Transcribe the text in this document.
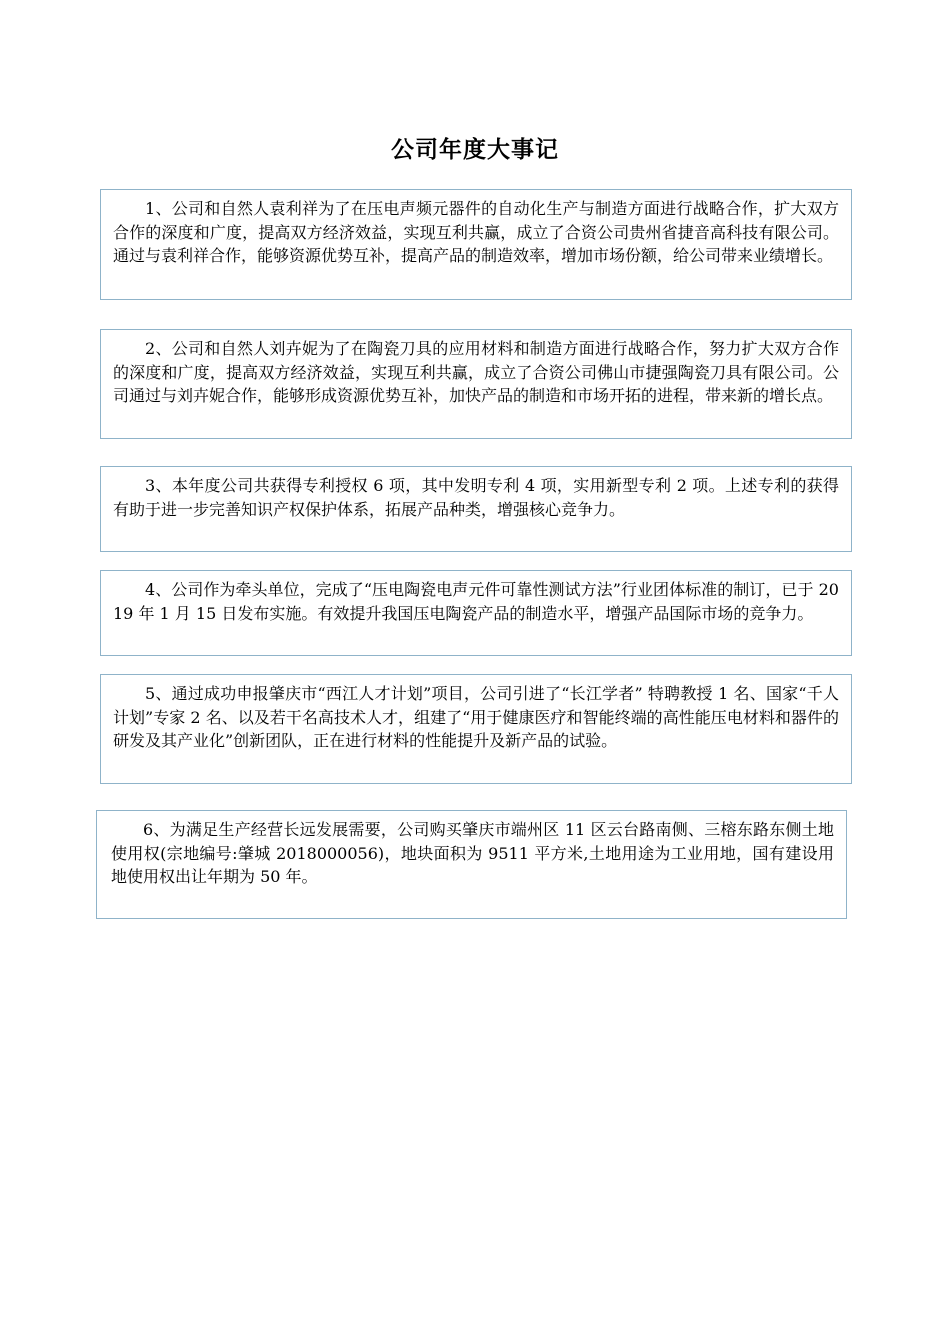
公司年度大事记

1、公司和自然人袁利祥为了在压电声频元器件的自动化生产与制造方面进行战略合作，扩大双方合作的深度和广度，提高双方经济效益，实现互利共赢，成立了合资公司贵州省捷音高科技有限公司。通过与袁利祥合作，能够资源优势互补，提高产品的制造效率，增加市场份额，给公司带来业绩增长。

2、公司和自然人刘卉妮为了在陶瓷刀具的应用材料和制造方面进行战略合作，努力扩大双方合作的深度和广度，提高双方经济效益，实现互利共赢，成立了合资公司佛山市捷强陶瓷刀具有限公司。公司通过与刘卉妮合作，能够形成资源优势互补，加快产品的制造和市场开拓的进程，带来新的增长点。

3、本年度公司共获得专利授权 6 项，其中发明专利 4 项，实用新型专利 2 项。上述专利的获得有助于进一步完善知识产权保护体系，拓展产品种类，增强核心竞争力。

4、公司作为牵头单位，完成了“压电陶瓷电声元件可靠性测试方法”行业团体标准的制订，已于 2019 年 1 月 15 日发布实施。有效提升我国压电陶瓷产品的制造水平，增强产品国际市场的竞争力。

5、通过成功申报肇庆市“西江人才计划”项目，公司引进了“长江学者” 特聘教授 1 名、国家“千人计划”专家 2 名、以及若干名高技术人才，组建了“用于健康医疗和智能终端的高性能压电材料和器件的研发及其产业化”创新团队，正在进行材料的性能提升及新产品的试验。

6、为满足生产经营长远发展需要，公司购买肇庆市端州区 11 区云台路南侧、三榕东路东侧土地使用权(宗地编号:肇城 2018000056)，地块面积为 9511 平方米,土地用途为工业用地，国有建设用地使用权出让年期为 50 年。
